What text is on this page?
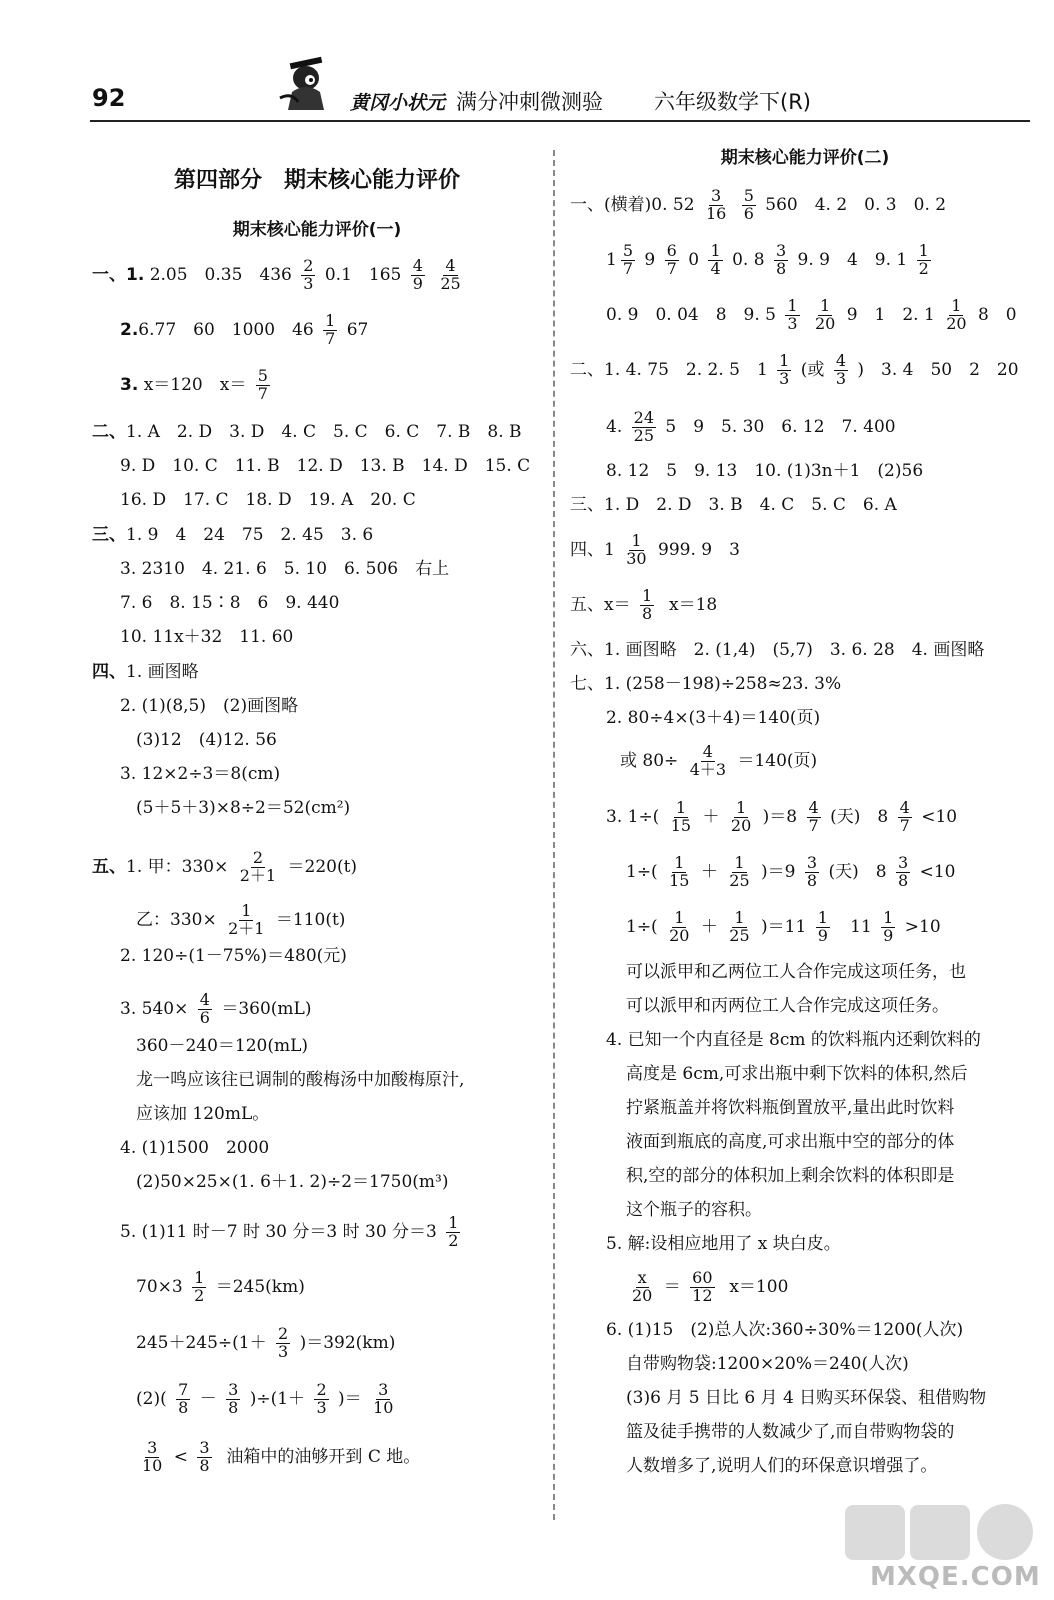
92	黄冈小状元 满分冲刺微测验 六年级数学下(R)
第四部分　期末核心能力评价
期末核心能力评价(一)
一、1. 2.05　0.35　$436 \frac{2}{3} 0.1$　$165 \frac{4}{9}$
$\frac{4}{25}$
2.6.77　60　1000　$46 \frac{1}{7} 67$
3. x＝120　$x= \frac{5}{7}$
二、1. A　2. D　3. D　4. C　5. C　6. C　7. B　8. B
9. D　10. C　11. B　12. D　13. B　14. D　15. C
16. D　17. C　18. D　19. A　20. C
三、1. 9　4　24　75　2. 45　3. 6
3. 2310　4. 21. 6　5. 10　6. 506　右上
7. 6　8. 15∶8　6　9. 440
10. 11x＋32　11. 60
四、1. 画图略
2. (1)(8,5)　(2)画图略
(3)12　(4)12. 56
3. 12×2÷3＝8(cm)
(5＋5＋3)×8÷2＝52(cm²)
五、1. 甲：$330\times \frac{2}{2+1} =220(t)$
乙：$330\times \frac{1}{2+1} =110(t)$
2. 120÷(1－75%)＝480(元)
3. $540\times \frac{4}{6} =360(mL)$
360－240＝120(mL)
龙一鸣应该往已调制的酸梅汤中加酸梅原汁,
应该加 120mL。
4. (1)1500　2000
(2)50×25×(1. 6＋1. 2)÷2＝1750(m³)
5. (1)11 时－7 时 30 分＝3 时 30 分$=3 \frac{1}{2}$
$70\times 3 \frac{1}{2} =245(km)$
$245+245\div(1+ \frac{2}{3} )=392(km)$
$(2)( \frac{7}{8} - \frac{3}{8} )\div(1+ \frac{2}{3}$ )＝ $\frac{3}{10}$
$\frac{3}{10} < \frac{3}{8}$ 油箱中的油够开到 C 地。
期末核心能力评价(二)
一、(横着)0. $52 \frac{3}{16}$
$\frac{5}{6} 560$　4. 2　0. 3　0. 2
$1 \frac{5}{7} 9 \frac{6}{7} 0 \frac{1}{4} 0$. $8 \frac{3}{8} 9$. 9　4　9. $1 \frac{1}{2}$
0. 9　0. 04　8　9. $5 \frac{1}{3}$
$\frac{1}{20} 9$　1　2. $1 \frac{1}{20} 8$　0
二、1. 4. 75　2. 2. 5　$1 \frac{1}{3}$ (或 $\frac{4}{3}$ )　3. 4　50　2　20
4. $\frac{24}{25} 5$　9　5. 30　6. 12　7. 400
8. 12　5　9. 13　10. (1)3n＋1　(2)56
三、1. D　2. D　3. B　4. C　5. C　6. A
四、$1 \frac{1}{30} 999$. 9　3
五、$x= \frac{1}{8} x=18$
六、1. 画图略　2. (1,4)　(5,7)　3. 6. 28　4. 画图略
七、1. (258－198)÷258≈23. 3%
2. 80÷4×(3＋4)＝140(页)
或 $80\div \frac{4}{4+3} =140$(页)
3. $1\div( \frac{1}{15} + \frac{1}{20} )=8 \frac{4}{7}$ (天)　$8 \frac{4}{7} <10$
$1\div( \frac{1}{15} + \frac{1}{25} )=9 \frac{3}{8}$ (天)　$8 \frac{3}{8} <10$
$1\div( \frac{1}{20} + \frac{1}{25} )=11 \frac{1}{9} 11 \frac{1}{9} >10$
可以派甲和乙两位工人合作完成这项任务，也
可以派甲和丙两位工人合作完成这项任务。
4. 已知一个内直径是 8cm 的饮料瓶内还剩饮料的
高度是 6cm,可求出瓶中剩下饮料的体积,然后
拧紧瓶盖并将饮料瓶倒置放平,量出此时饮料
液面到瓶底的高度,可求出瓶中空的部分的体
积,空的部分的体积加上剩余饮料的体积即是
这个瓶子的容积。
5. 解:设相应地用了 x 块白皮。
$\frac{x}{20} = \frac{60}{12} x=100$
6. (1)15　(2)总人次:360÷30%＝1200(人次)
自带购物袋:1200×20%＝240(人次)
(3)6 月 5 日比 6 月 4 日购买环保袋、租借购物
篮及徒手携带的人数减少了,而自带购物袋的
人数增多了,说明人们的环保意识增强了。
MXQE.COM
